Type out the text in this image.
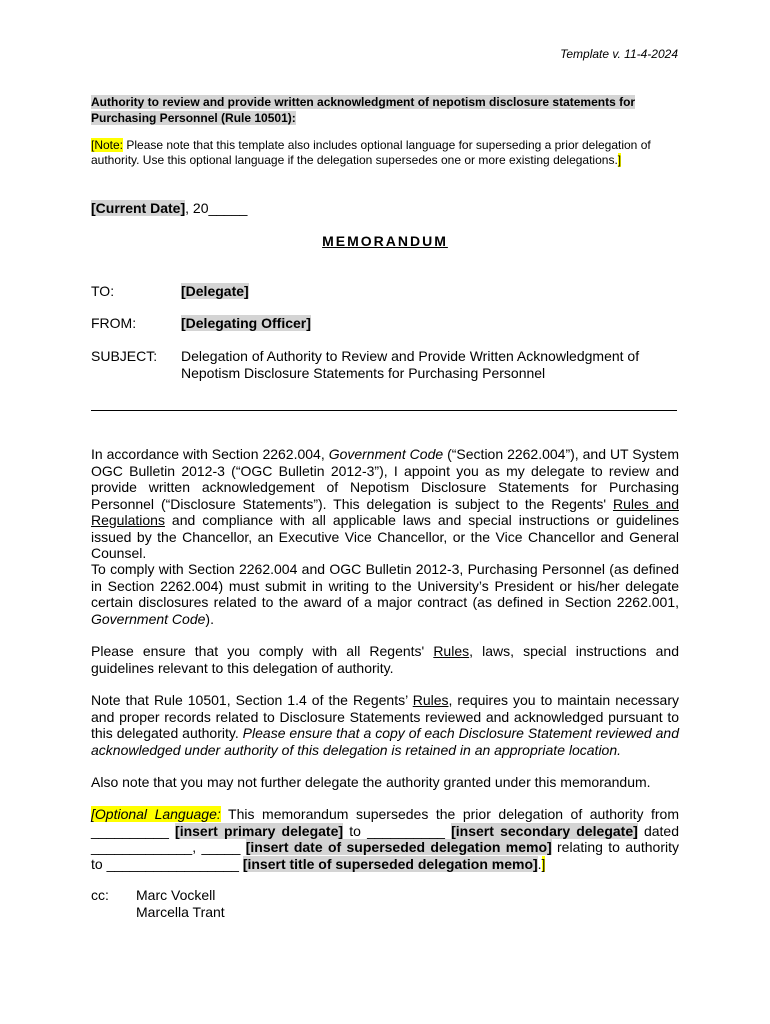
Template v. 11-4-2024
Authority to review and provide written acknowledgment of nepotism disclosure statements for Purchasing Personnel (Rule 10501):
[Note: Please note that this template also includes optional language for superseding a prior delegation of authority. Use this optional language if the delegation supersedes one or more existing delegations.]
[Current Date], 20_____
MEMORANDUM
TO:	[Delegate]
FROM:	[Delegating Officer]
SUBJECT: Delegation of Authority to Review and Provide Written Acknowledgment of Nepotism Disclosure Statements for Purchasing Personnel
In accordance with Section 2262.004, Government Code (“Section 2262.004”), and UT System OGC Bulletin 2012-3 (“OGC Bulletin 2012-3”), I appoint you as my delegate to review and provide written acknowledgement of Nepotism Disclosure Statements for Purchasing Personnel (“Disclosure Statements”). This delegation is subject to the Regents' Rules and Regulations and compliance with all applicable laws and special instructions or guidelines issued by the Chancellor, an Executive Vice Chancellor, or the Vice Chancellor and General Counsel.
To comply with Section 2262.004 and OGC Bulletin 2012-3, Purchasing Personnel (as defined in Section 2262.004) must submit in writing to the University’s President or his/her delegate certain disclosures related to the award of a major contract (as defined in Section 2262.001, Government Code).
Please ensure that you comply with all Regents' Rules, laws, special instructions and guidelines relevant to this delegation of authority.
Note that Rule 10501, Section 1.4 of the Regents’ Rules, requires you to maintain necessary and proper records related to Disclosure Statements reviewed and acknowledged pursuant to this delegated authority. Please ensure that a copy of each Disclosure Statement reviewed and acknowledged under authority of this delegation is retained in an appropriate location.
Also note that you may not further delegate the authority granted under this memorandum.
[Optional Language: This memorandum supersedes the prior delegation of authority from __________ [insert primary delegate] to __________ [insert secondary delegate] dated _____________, _____ [insert date of superseded delegation memo] relating to authority to _________________ [insert title of superseded delegation memo].]
cc: Marc Vockell
Marcella Trant
